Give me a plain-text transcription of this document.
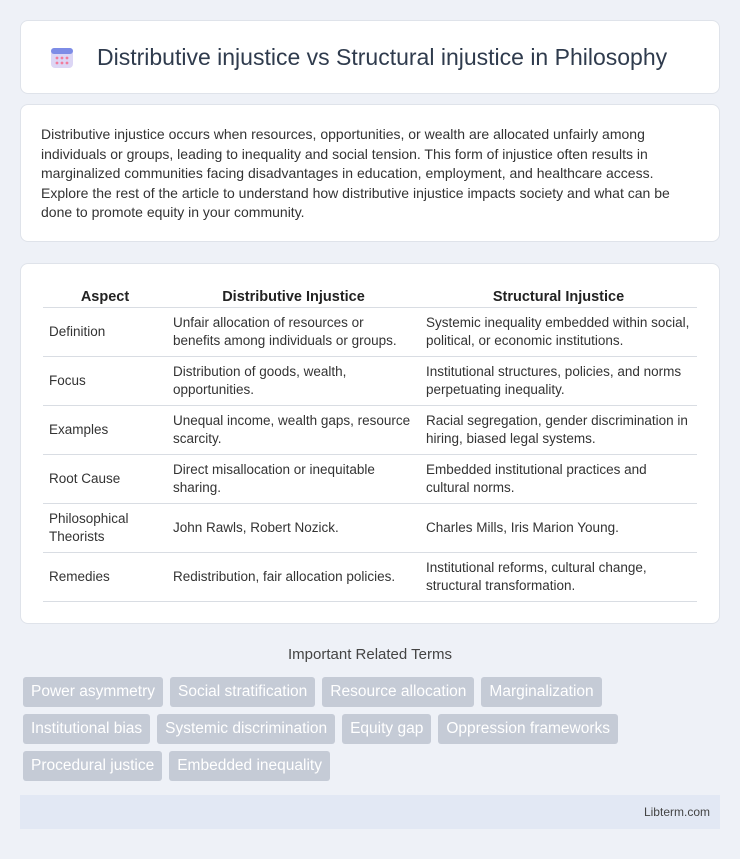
Distributive injustice vs Structural injustice in Philosophy

Distributive injustice occurs when resources, opportunities, or wealth are allocated unfairly among individuals or groups, leading to inequality and social tension. This form of injustice often results in marginalized communities facing disadvantages in education, employment, and healthcare access. Explore the rest of the article to understand how distributive injustice impacts society and what can be done to promote equity in your community.

Aspect	Distributive Injustice	Structural Injustice
Definition	Unfair allocation of resources or benefits among individuals or groups.	Systemic inequality embedded within social, political, or economic institutions.
Focus	Distribution of goods, wealth, opportunities.	Institutional structures, policies, and norms perpetuating inequality.
Examples	Unequal income, wealth gaps, resource scarcity.	Racial segregation, gender discrimination in hiring, biased legal systems.
Root Cause	Direct misallocation or inequitable sharing.	Embedded institutional practices and cultural norms.
Philosophical Theorists	John Rawls, Robert Nozick.	Charles Mills, Iris Marion Young.
Remedies	Redistribution, fair allocation policies.	Institutional reforms, cultural change, structural transformation.
Important Related Terms
Power asymmetry	Social stratification	Resource allocation	Marginalization
Institutional bias	Systemic discrimination	Equity gap	Oppression frameworks
Procedural justice	Embedded inequality
Libterm.com
